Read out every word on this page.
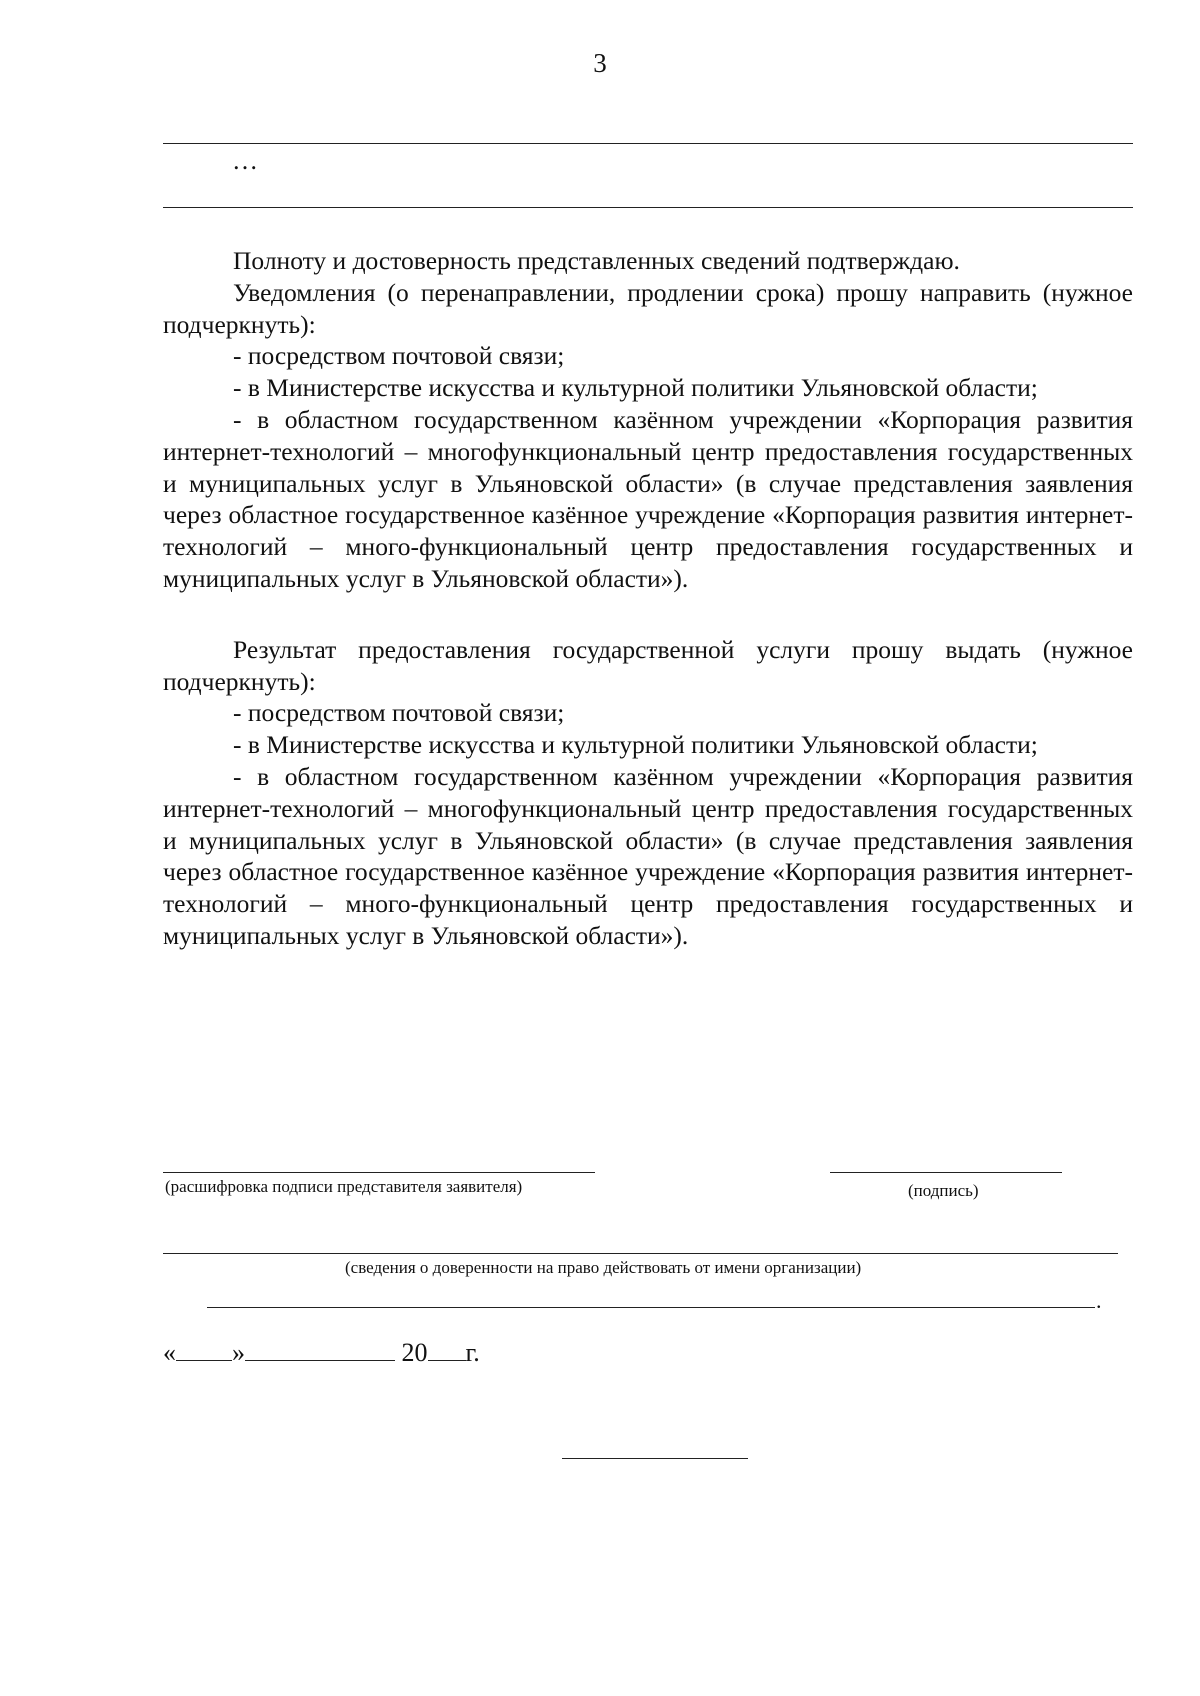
3
…

Полноту и достоверность представленных сведений подтверждаю.

Уведомления (о перенаправлении, продлении срока) прошу направить (нужное подчеркнуть):

- посредством почтовой связи;

- в Министерстве искусства и культурной политики Ульяновской области;

- в областном государственном казённом учреждении «Корпорация развития интернет-технологий – многофункциональный центр предоставления государственных и муниципальных услуг в Ульяновской области» (в случае представления заявления через областное государственное казённое учреждение «Корпорация развития интернет-технологий – много-функциональный центр предоставления государственных и муниципальных услуг в Ульяновской области»).

Результат предоставления государственной услуги прошу выдать (нужное подчеркнуть):

- посредством почтовой связи;

- в Министерстве искусства и культурной политики Ульяновской области;

- в областном государственном казённом учреждении «Корпорация развития интернет-технологий – многофункциональный центр предоставления государственных и муниципальных услуг в Ульяновской области» (в случае представления заявления через областное государственное казённое учреждение «Корпорация развития интернет-технологий – много-функциональный центр предоставления государственных и муниципальных услуг в Ульяновской области»).

(расшифровка подписи представителя заявителя)	(подпись)
(сведения о доверенности на право действовать от имени организации)
.
« »	20 г.
